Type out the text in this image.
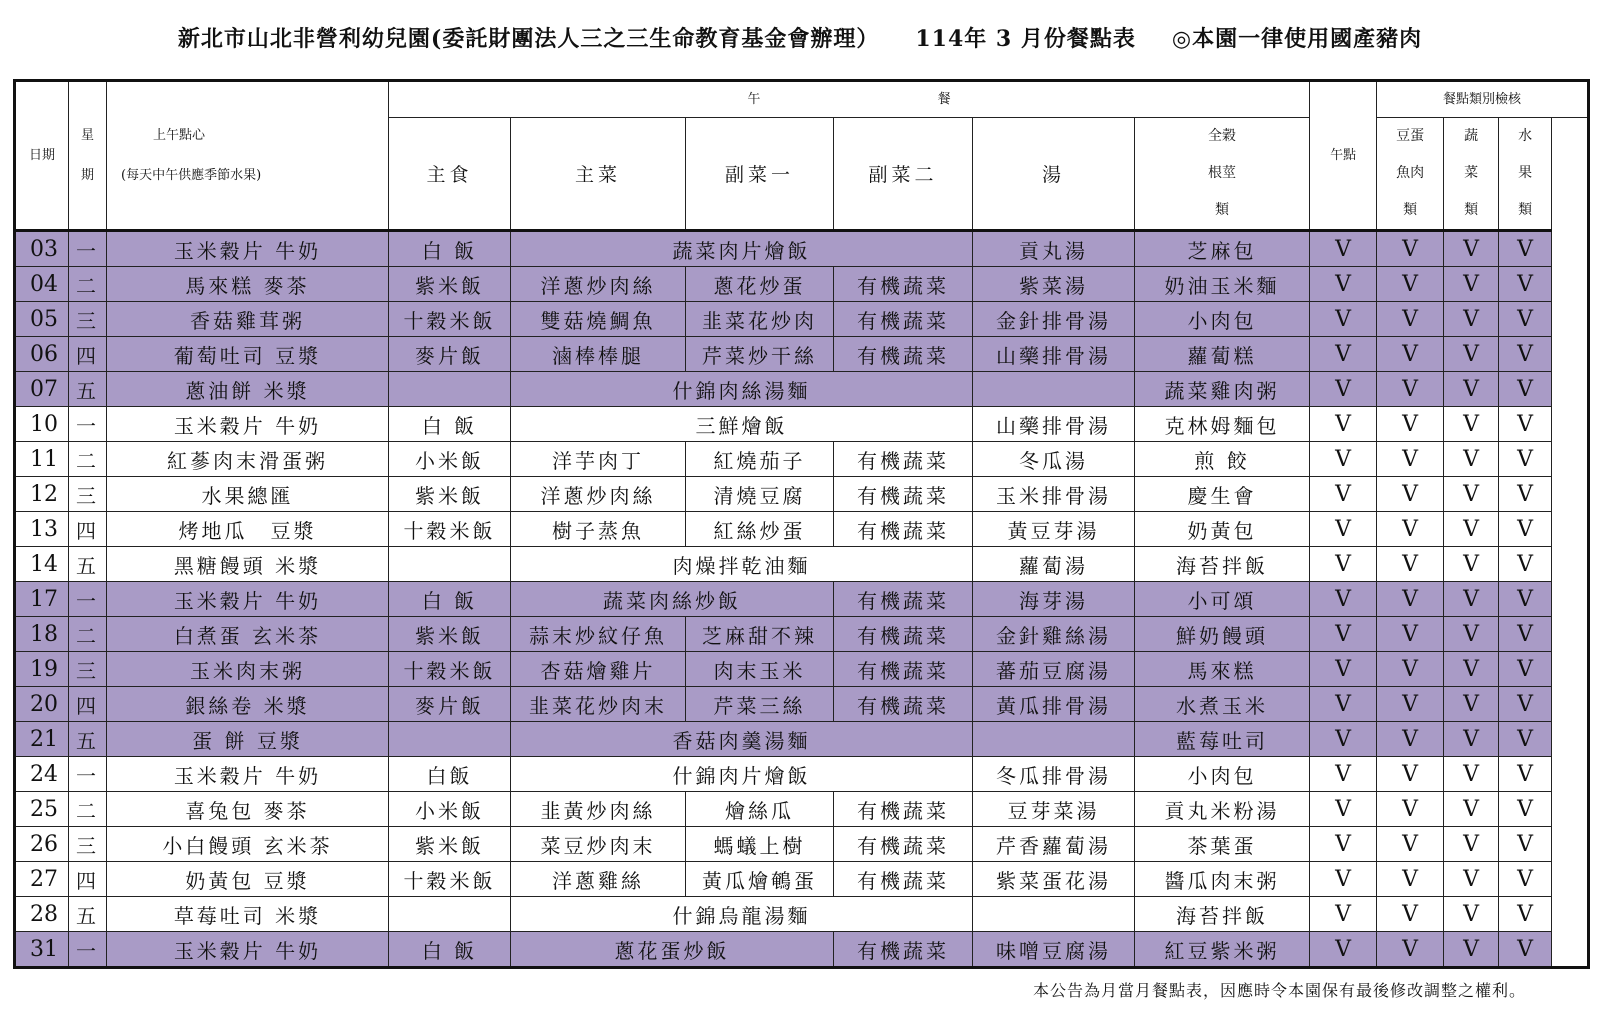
新北市山北非營利幼兒園(委託財團法人三之三生命教育基金會辦理） 114年 3 月份餐點表 ◎本園一律使用國產豬肉
日期	星

期	上午點心

(每天中午供應季節水果)	午 　　　　　　　　　　　　　 餐						午點	餐點類別檢核		
			主食	主菜	副菜一	副菜二	湯	全穀
根莖
類		豆蛋
魚肉
類	蔬
菜
類	水
果
類
03	一	玉米穀片 牛奶	白 飯	蔬菜肉片燴飯			貢丸湯	芝麻包	V	V	V	V
04	二	馬來糕 麥茶	紫米飯	洋蔥炒肉絲	蔥花炒蛋	有機蔬菜	紫菜湯	奶油玉米麵	V	V	V	V
05	三	香菇雞茸粥	十穀米飯	雙菇燒鯛魚	韭菜花炒肉	有機蔬菜	金針排骨湯	小肉包	V	V	V	V
06	四	葡萄吐司 豆漿	麥片飯	滷棒棒腿	芹菜炒干絲	有機蔬菜	山藥排骨湯	蘿蔔糕	V	V	V	V
07	五	蔥油餅 米漿		什錦肉絲湯麵				蔬菜雞肉粥	V	V	V	V
10	一	玉米穀片 牛奶	白 飯	三鮮燴飯			山藥排骨湯	克林姆麵包	V	V	V	V
11	二	紅蔘肉末滑蛋粥	小米飯	洋芋肉丁	紅燒茄子	有機蔬菜	冬瓜湯	煎 餃	V	V	V	V
12	三	水果總匯	紫米飯	洋蔥炒肉絲	清燒豆腐	有機蔬菜	玉米排骨湯	慶生會	V	V	V	V
13	四	烤地瓜　豆漿	十穀米飯	樹子蒸魚	紅絲炒蛋	有機蔬菜	黃豆芽湯	奶黃包	V	V	V	V
14	五	黑糖饅頭 米漿		肉燥拌乾油麵			蘿蔔湯	海苔拌飯	V	V	V	V
17	一	玉米穀片 牛奶	白 飯	蔬菜肉絲炒飯		有機蔬菜	海芽湯	小可頌	V	V	V	V
18	二	白煮蛋 玄米茶	紫米飯	蒜末炒紋仔魚	芝麻甜不辣	有機蔬菜	金針雞絲湯	鮮奶饅頭	V	V	V	V
19	三	玉米肉末粥	十穀米飯	杏菇燴雞片	肉末玉米	有機蔬菜	蕃茄豆腐湯	馬來糕	V	V	V	V
20	四	銀絲卷 米漿	麥片飯	韭菜花炒肉末	芹菜三絲	有機蔬菜	黃瓜排骨湯	水煮玉米	V	V	V	V
21	五	蛋 餅 豆漿		香菇肉羹湯麵				藍莓吐司	V	V	V	V
24	一	玉米穀片 牛奶	白飯	什錦肉片燴飯			冬瓜排骨湯	小肉包	V	V	V	V
25	二	喜兔包 麥茶	小米飯	韭黃炒肉絲	燴絲瓜	有機蔬菜	豆芽菜湯	貢丸米粉湯	V	V	V	V
26	三	小白饅頭 玄米茶	紫米飯	菜豆炒肉末	螞蟻上樹	有機蔬菜	芹香蘿蔔湯	茶葉蛋	V	V	V	V
27	四	奶黃包 豆漿	十穀米飯	洋蔥雞絲	黃瓜燴鵪蛋	有機蔬菜	紫菜蛋花湯	醬瓜肉末粥	V	V	V	V
28	五	草莓吐司 米漿		什錦烏龍湯麵				海苔拌飯	V	V	V	V
31	一	玉米穀片 牛奶	白 飯	蔥花蛋炒飯		有機蔬菜	味噌豆腐湯	紅豆紫米粥	V	V	V	V
本公告為月當月餐點表，因應時令本園保有最後修改調整之權利。
